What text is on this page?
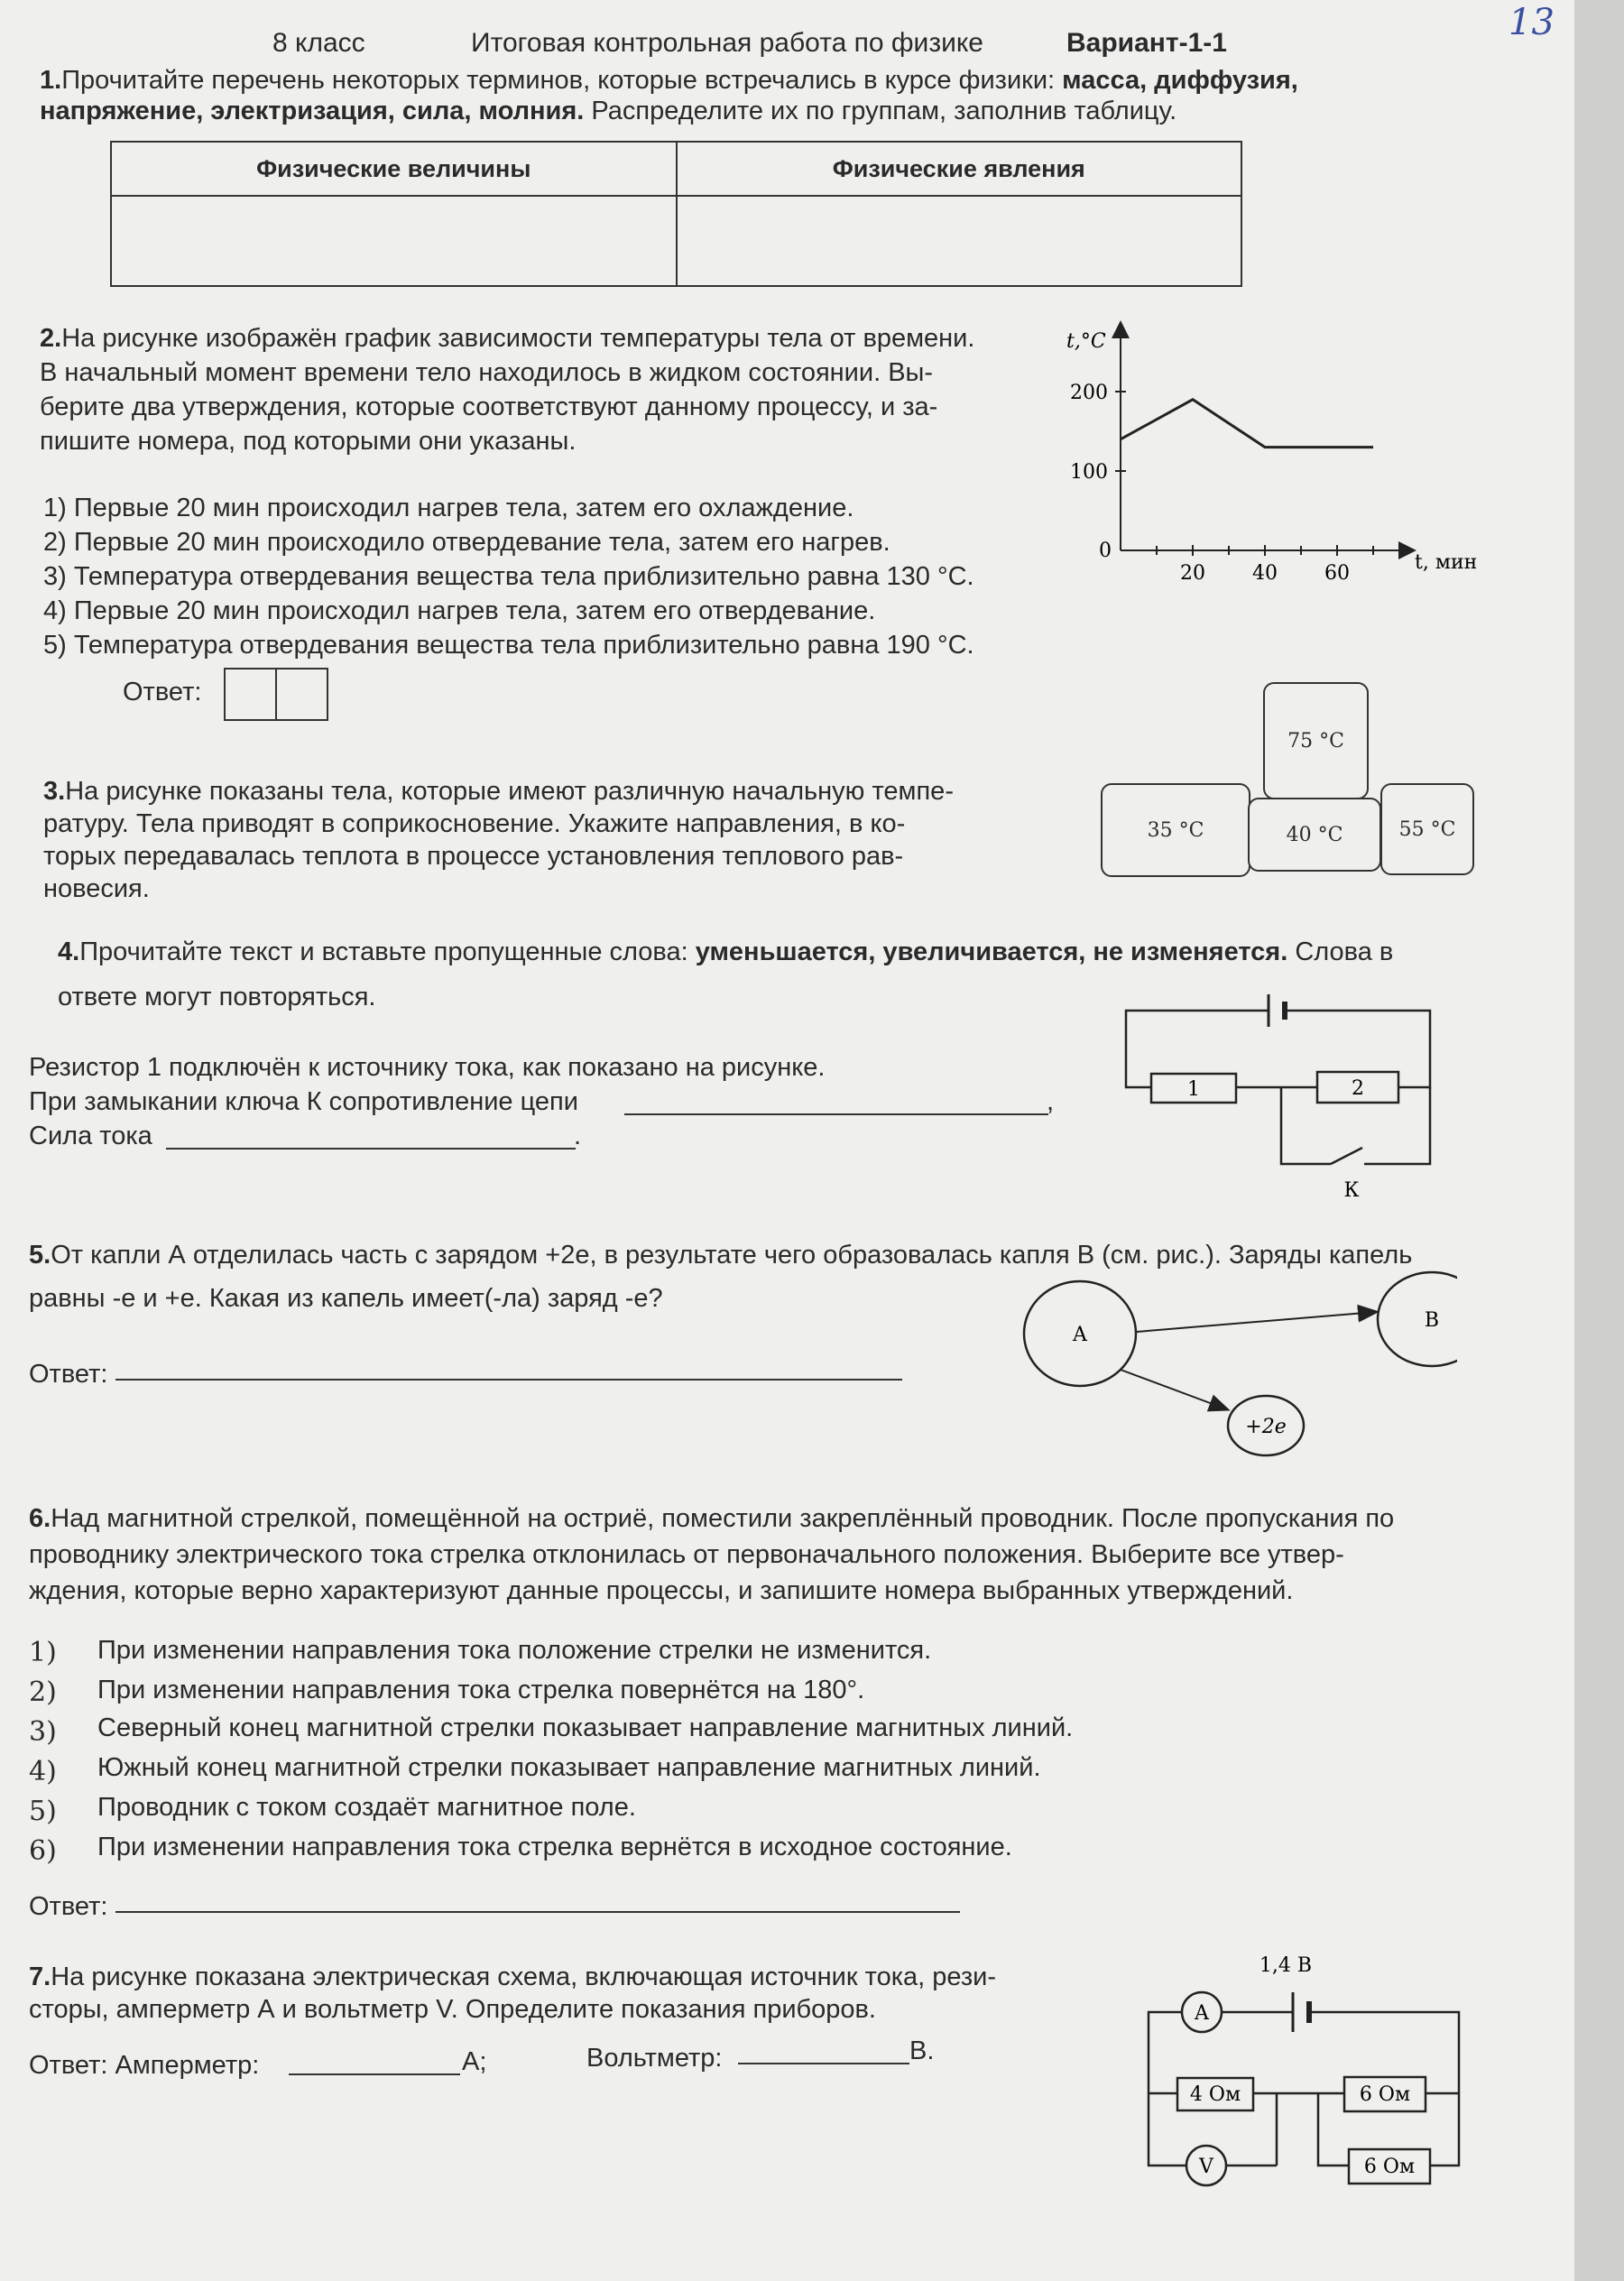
13
8 класс	Итоговая контрольная работа по физике	Вариант-1-1
1.Прочитайте перечень некоторых терминов, которые встречались в курсе физики: масса, диффузия,
напряжение, электризация, сила, молния. Распределите их по группам, заполнив таблицу.
Физические величины	Физические явления

2.На рисунке изображён график зависимости температуры тела от времени.
В начальный момент времени тело находилось в жидком состоянии. Вы-
берите два утверждения, которые соответствуют данному процессу, и за-
пишите номера, под которыми они указаны.
1) Первые 20 мин происходил нагрев тела, затем его охлаждение.
2) Первые 20 мин происходило отвердевание тела, затем его нагрев.
3) Температура отвердевания вещества тела приблизительно равна 130 °С.
4) Первые 20 мин происходил нагрев тела, затем его отвердевание.
5) Температура отвердевания вещества тела приблизительно равна 190 °С.
Ответ:
20 40 60
100
200
t,°C
t, мин
0
3.На рисунке показаны тела, которые имеют различную начальную темпе-
ратуру. Тела приводят в соприкосновение. Укажите направления, в ко-
торых передавалась теплота в процессе установления теплового рав-
новесия.
75 °C
35 °C	40 °C	55 °C
4.Прочитайте текст и вставьте пропущенные слова: уменьшается, увеличивается, не изменяется. Слова в
ответе могут повторяться.
Резистор 1 подключён к источнику тока, как показано на рисунке.
При замыкании ключа К сопротивление цепи	,
Сила тока	.
1	2
К
5.От капли А отделилась часть с зарядом +2е, в результате чего образовалась капля В (см. рис.). Заряды капель
равны -е и +е. Какая из капель имеет(-ла) заряд -е?
Ответ:
A
B
+2e
6.Над магнитной стрелкой, помещённой на остриё, поместили закреплённый проводник. После пропускания по
проводнику электрического тока стрелка отклонилась от первоначального положения. Выберите все утвер-
ждения, которые верно характеризуют данные процессы, и запишите номера выбранных утверждений.
1) При изменении направления тока положение стрелки не изменится.
2) При изменении направления тока стрелка повернётся на 180°.
3) Северный конец магнитной стрелки показывает направление магнитных линий.
4) Южный конец магнитной стрелки показывает направление магнитных линий.
5) Проводник с током создаёт магнитное поле.
6) При изменении направления тока стрелка вернётся в исходное состояние.
Ответ:
7.На рисунке показана электрическая схема, включающая источник тока, рези-
сторы, амперметр А и вольтметр V. Определите показания приборов.
Ответ: Амперметр:	А;	Вольтметр:	В.
1,4 В
A
V
4 Ом	6 Ом
6 Ом
